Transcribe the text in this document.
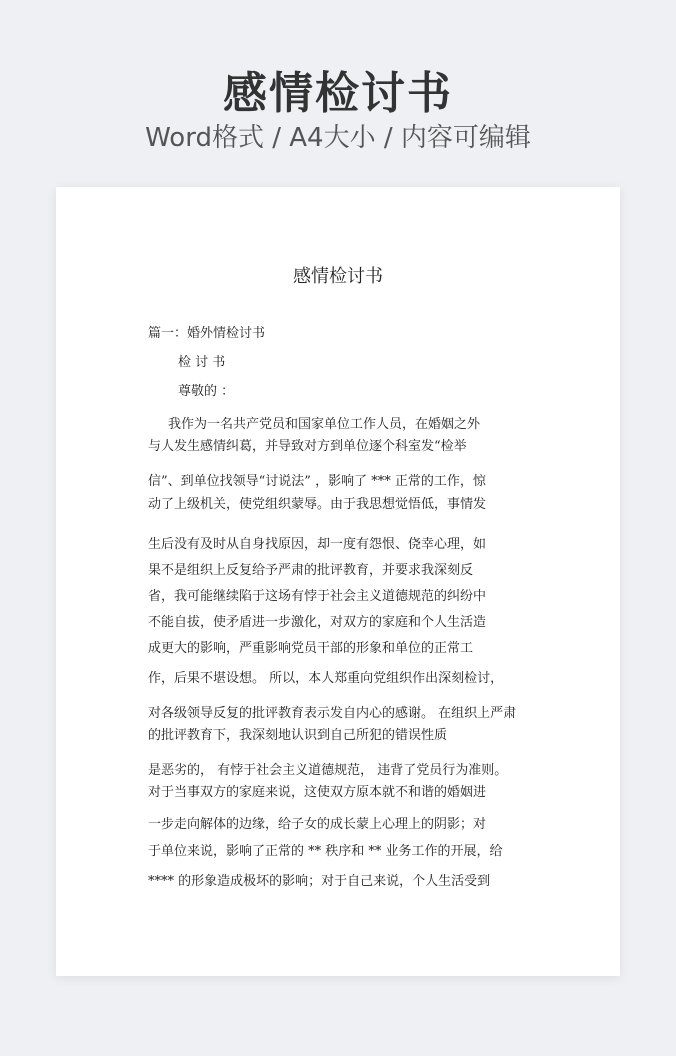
感情检讨书
Word格式 / A4大小 / 内容可编辑
感情检讨书
篇一：婚外情检讨书
检 讨 书
尊敬的 ：
我作为一名共产党员和国家单位工作人员，在婚姻之外
与人发生感情纠葛，并导致对方到单位逐个科室发“检举
信”、到单位找领导“讨说法” ，影响了 *** 正常的工作，惊
动了上级机关，使党组织蒙辱。由于我思想觉悟低，事情发
生后没有及时从自身找原因，却一度有怨恨、侥幸心理，如
果不是组织上反复给予严肃的批评教育，并要求我深刻反
省，我可能继续陷于这场有悖于社会主义道德规范的纠纷中
不能自拔，使矛盾进一步激化，对双方的家庭和个人生活造
成更大的影响，严重影响党员干部的形象和单位的正常工
作，后果不堪设想。 所以，本人郑重向党组织作出深刻检讨，
对各级领导反复的批评教育表示发自内心的感谢。 在组织上严肃
的批评教育下，我深刻地认识到自己所犯的错误性质
是恶劣的， 有悖于社会主义道德规范， 违背了党员行为准则。
对于当事双方的家庭来说，这使双方原本就不和谐的婚姻进
一步走向解体的边缘，给子女的成长蒙上心理上的阴影；对
于单位来说，影响了正常的 ** 秩序和 ** 业务工作的开展，给
**** 的形象造成极坏的影响；对于自己来说，个人生活受到
